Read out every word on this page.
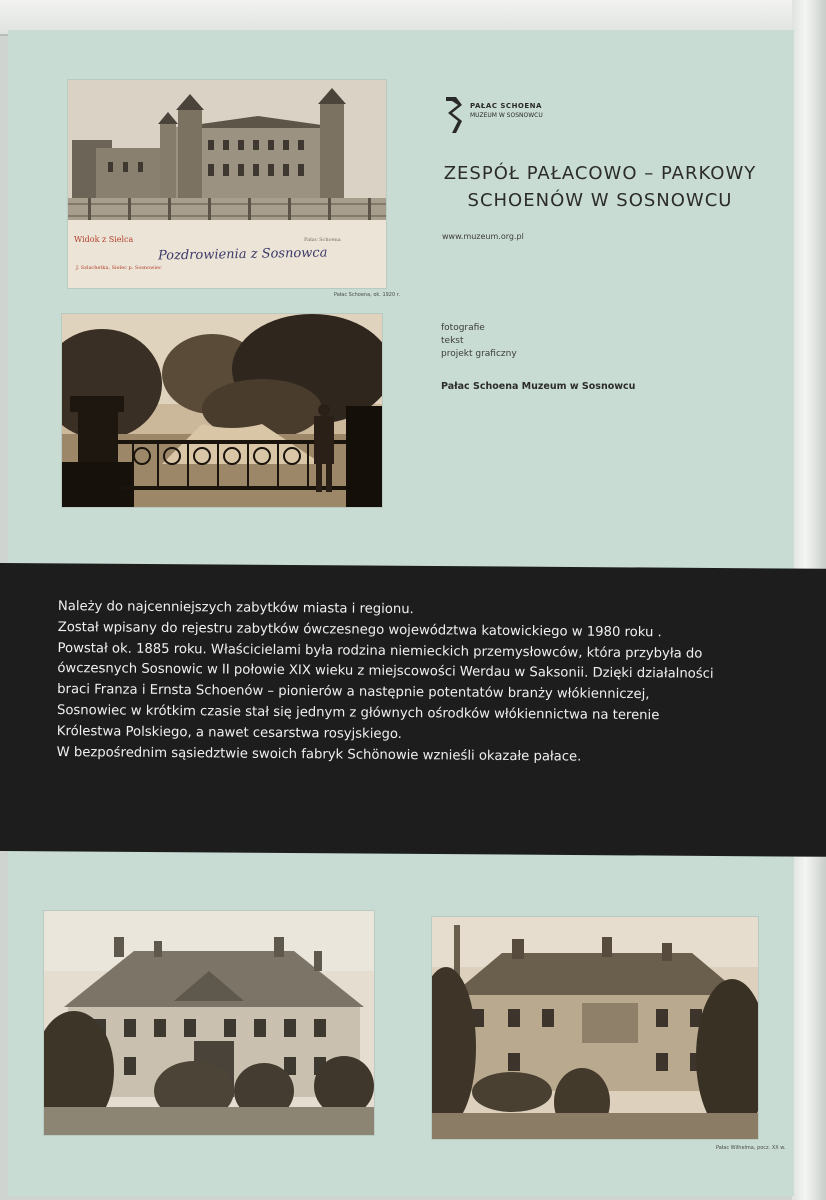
Widok z Sielca	Pałac Schoena
Pozdrowienia z Sosnowca
J. Szlachetka, Sielec p. Sosnowiec
Pałac Schoena, ok. 1920 r.
PAŁAC SCHOENA
MUZEUM W SOSNOWCU
ZESPÓŁ PAŁACOWO – PARKOWY
SCHOENÓW W SOSNOWCU
www.muzeum.org.pl
fotografie
tekst
projekt graficzny
Pałac Schoena Muzeum w Sosnowcu
Należy do najcenniejszych zabytków miasta i regionu.
Został wpisany do rejestru zabytków ówczesnego województwa katowickiego w 1980 roku .
Powstał ok. 1885 roku. Właścicielami była rodzina niemieckich przemysłowców, która przybyła do
ówczesnych Sosnowic w II połowie XIX wieku z miejscowości Werdau w Saksonii. Dzięki działalności
braci Franza i Ernsta Schoenów – pionierów a następnie potentatów branży włókienniczej,
Sosnowiec w krótkim czasie stał się jednym z głównych ośrodków włókiennictwa na terenie
Królestwa Polskiego, a nawet cesarstwa rosyjskiego.
W bezpośrednim sąsiedztwie swoich fabryk Schönowie wznieśli okazałe pałace.
Pałac Wilhelma, pocz. XX w.
